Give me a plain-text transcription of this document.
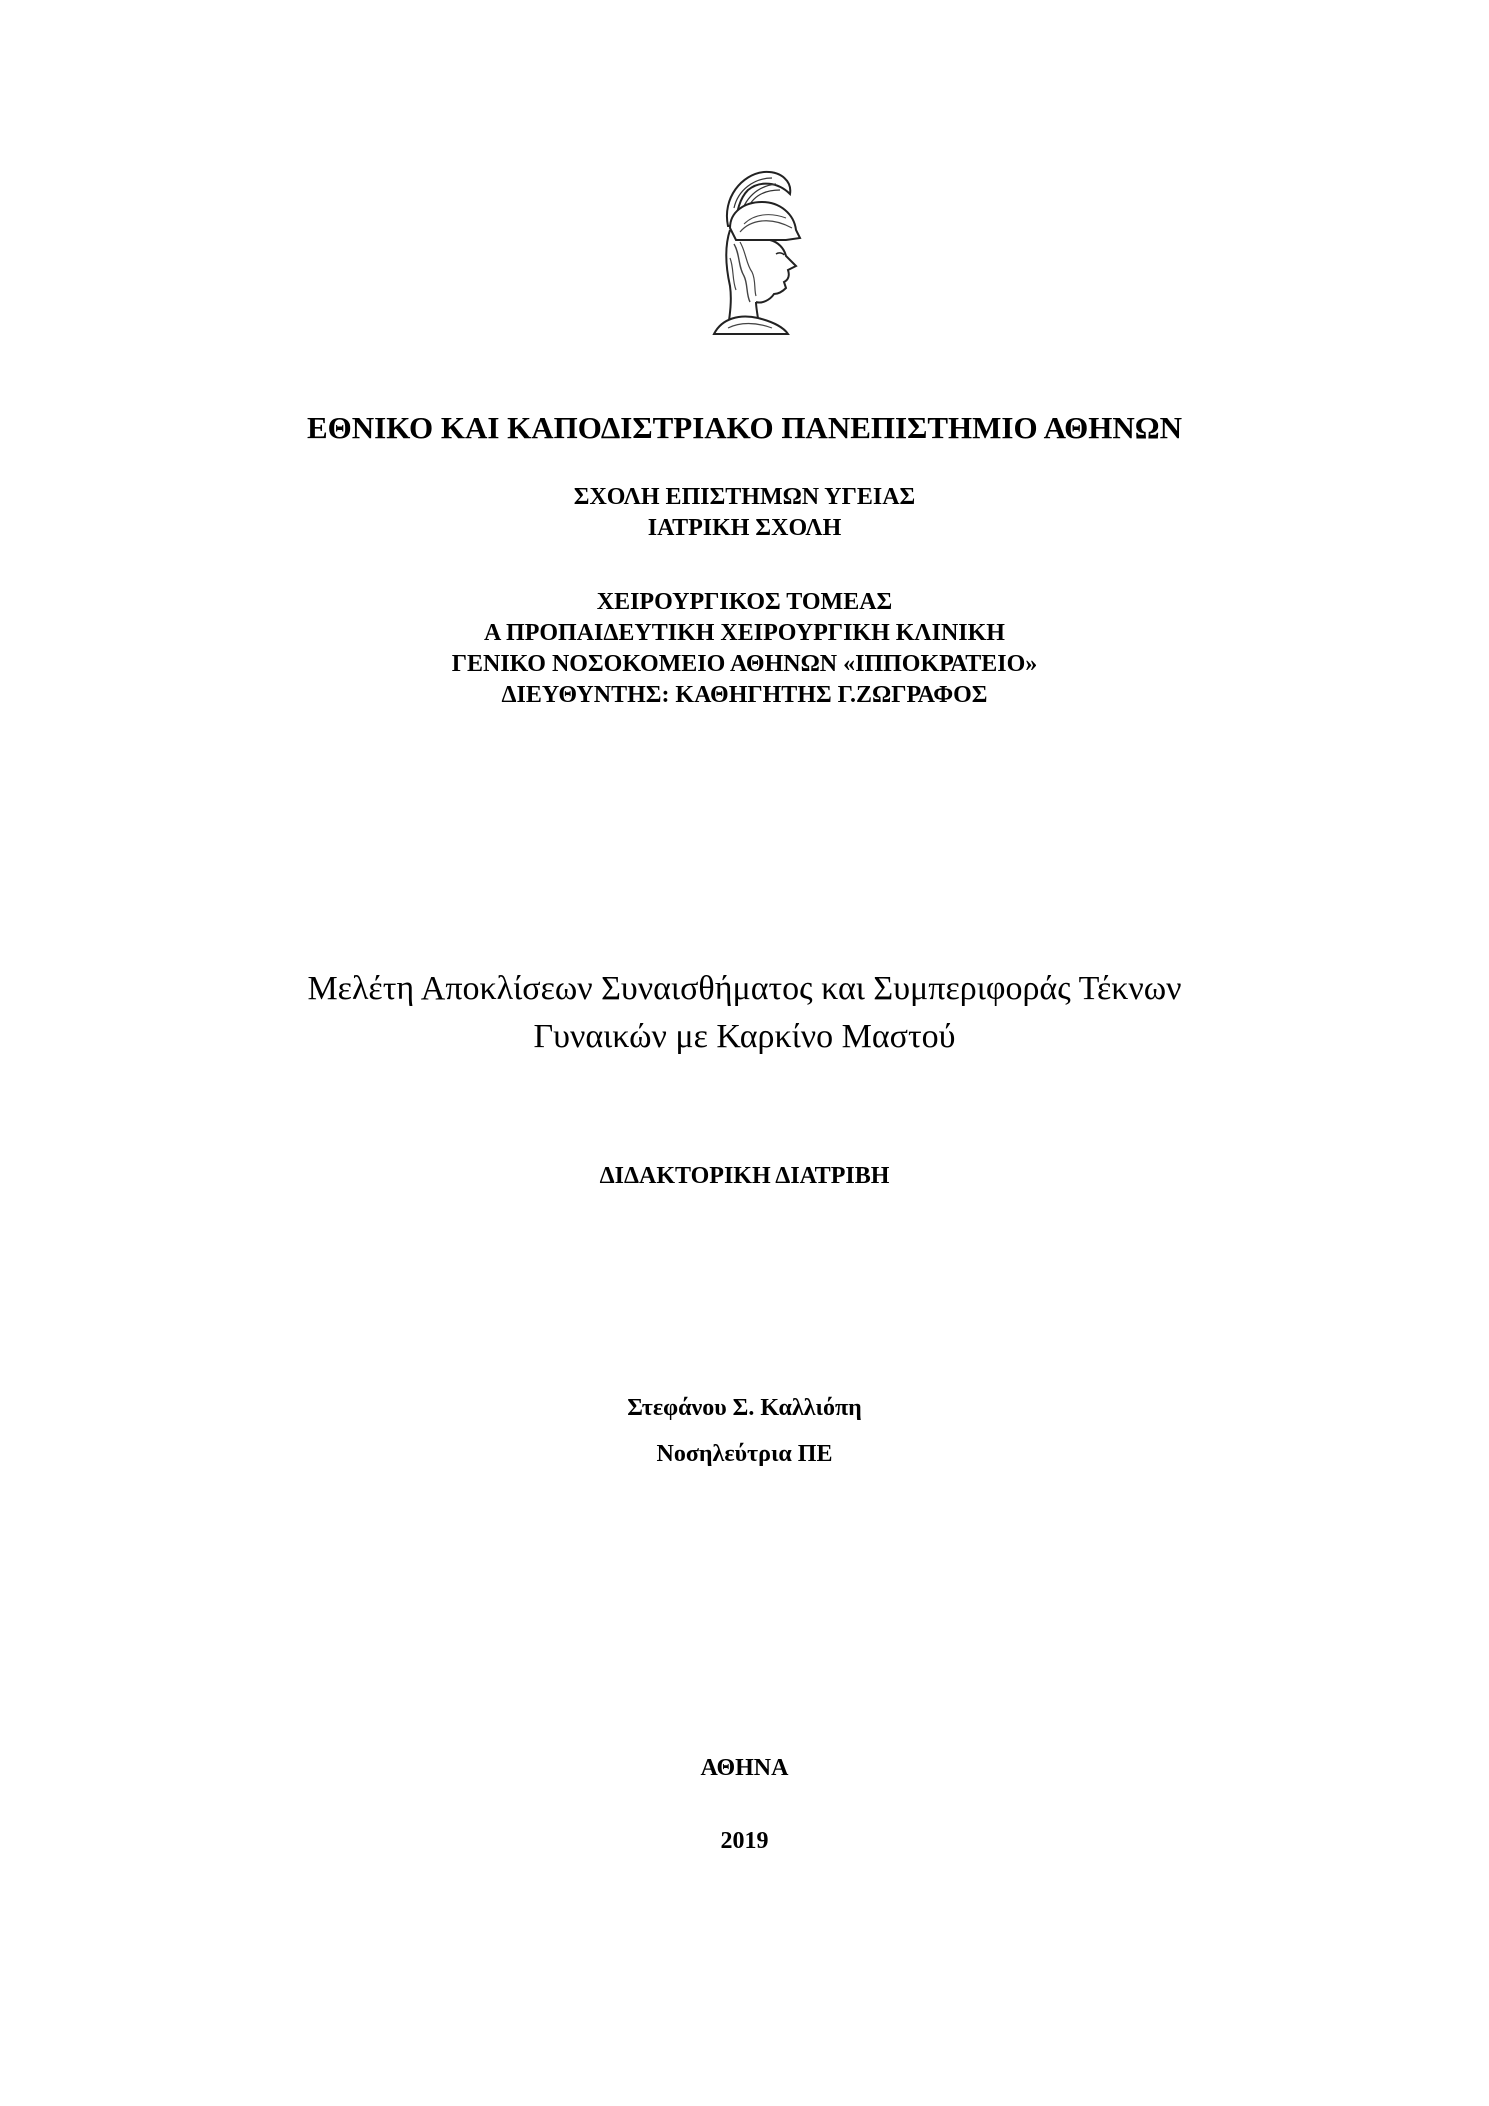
ΕΘΝΙΚΟ ΚΑΙ ΚΑΠΟΔΙΣΤΡΙΑΚΟ ΠΑΝΕΠΙΣΤΗΜΙΟ ΑΘΗΝΩΝ

ΣΧΟΛΗ ΕΠΙΣΤΗΜΩΝ ΥΓΕΙΑΣ
ΙΑΤΡΙΚΗ ΣΧΟΛΗ
ΧΕΙΡΟΥΡΓΙΚΟΣ ΤΟΜΕΑΣ
Α ΠΡΟΠΑΙΔΕΥΤΙΚΗ ΧΕΙΡΟΥΡΓΙΚΗ ΚΛΙΝΙΚΗ
ΓΕΝΙΚΟ ΝΟΣΟΚΟΜΕΙΟ ΑΘΗΝΩΝ «ΙΠΠΟΚΡΑΤΕΙΟ»
ΔΙΕΥΘΥΝΤΗΣ: ΚΑΘΗΓΗΤΗΣ Γ.ΖΩΓΡΑΦΟΣ
Μελέτη Αποκλίσεων Συναισθήματος και Συμπεριφοράς Τέκνων
Γυναικών με Καρκίνο Μαστού

ΔΙΔΑΚΤΟΡΙΚΗ ΔΙΑΤΡΙΒΗ

Στεφάνου Σ. Καλλιόπη
Νοσηλεύτρια ΠΕ

ΑΘΗΝΑ

2019
